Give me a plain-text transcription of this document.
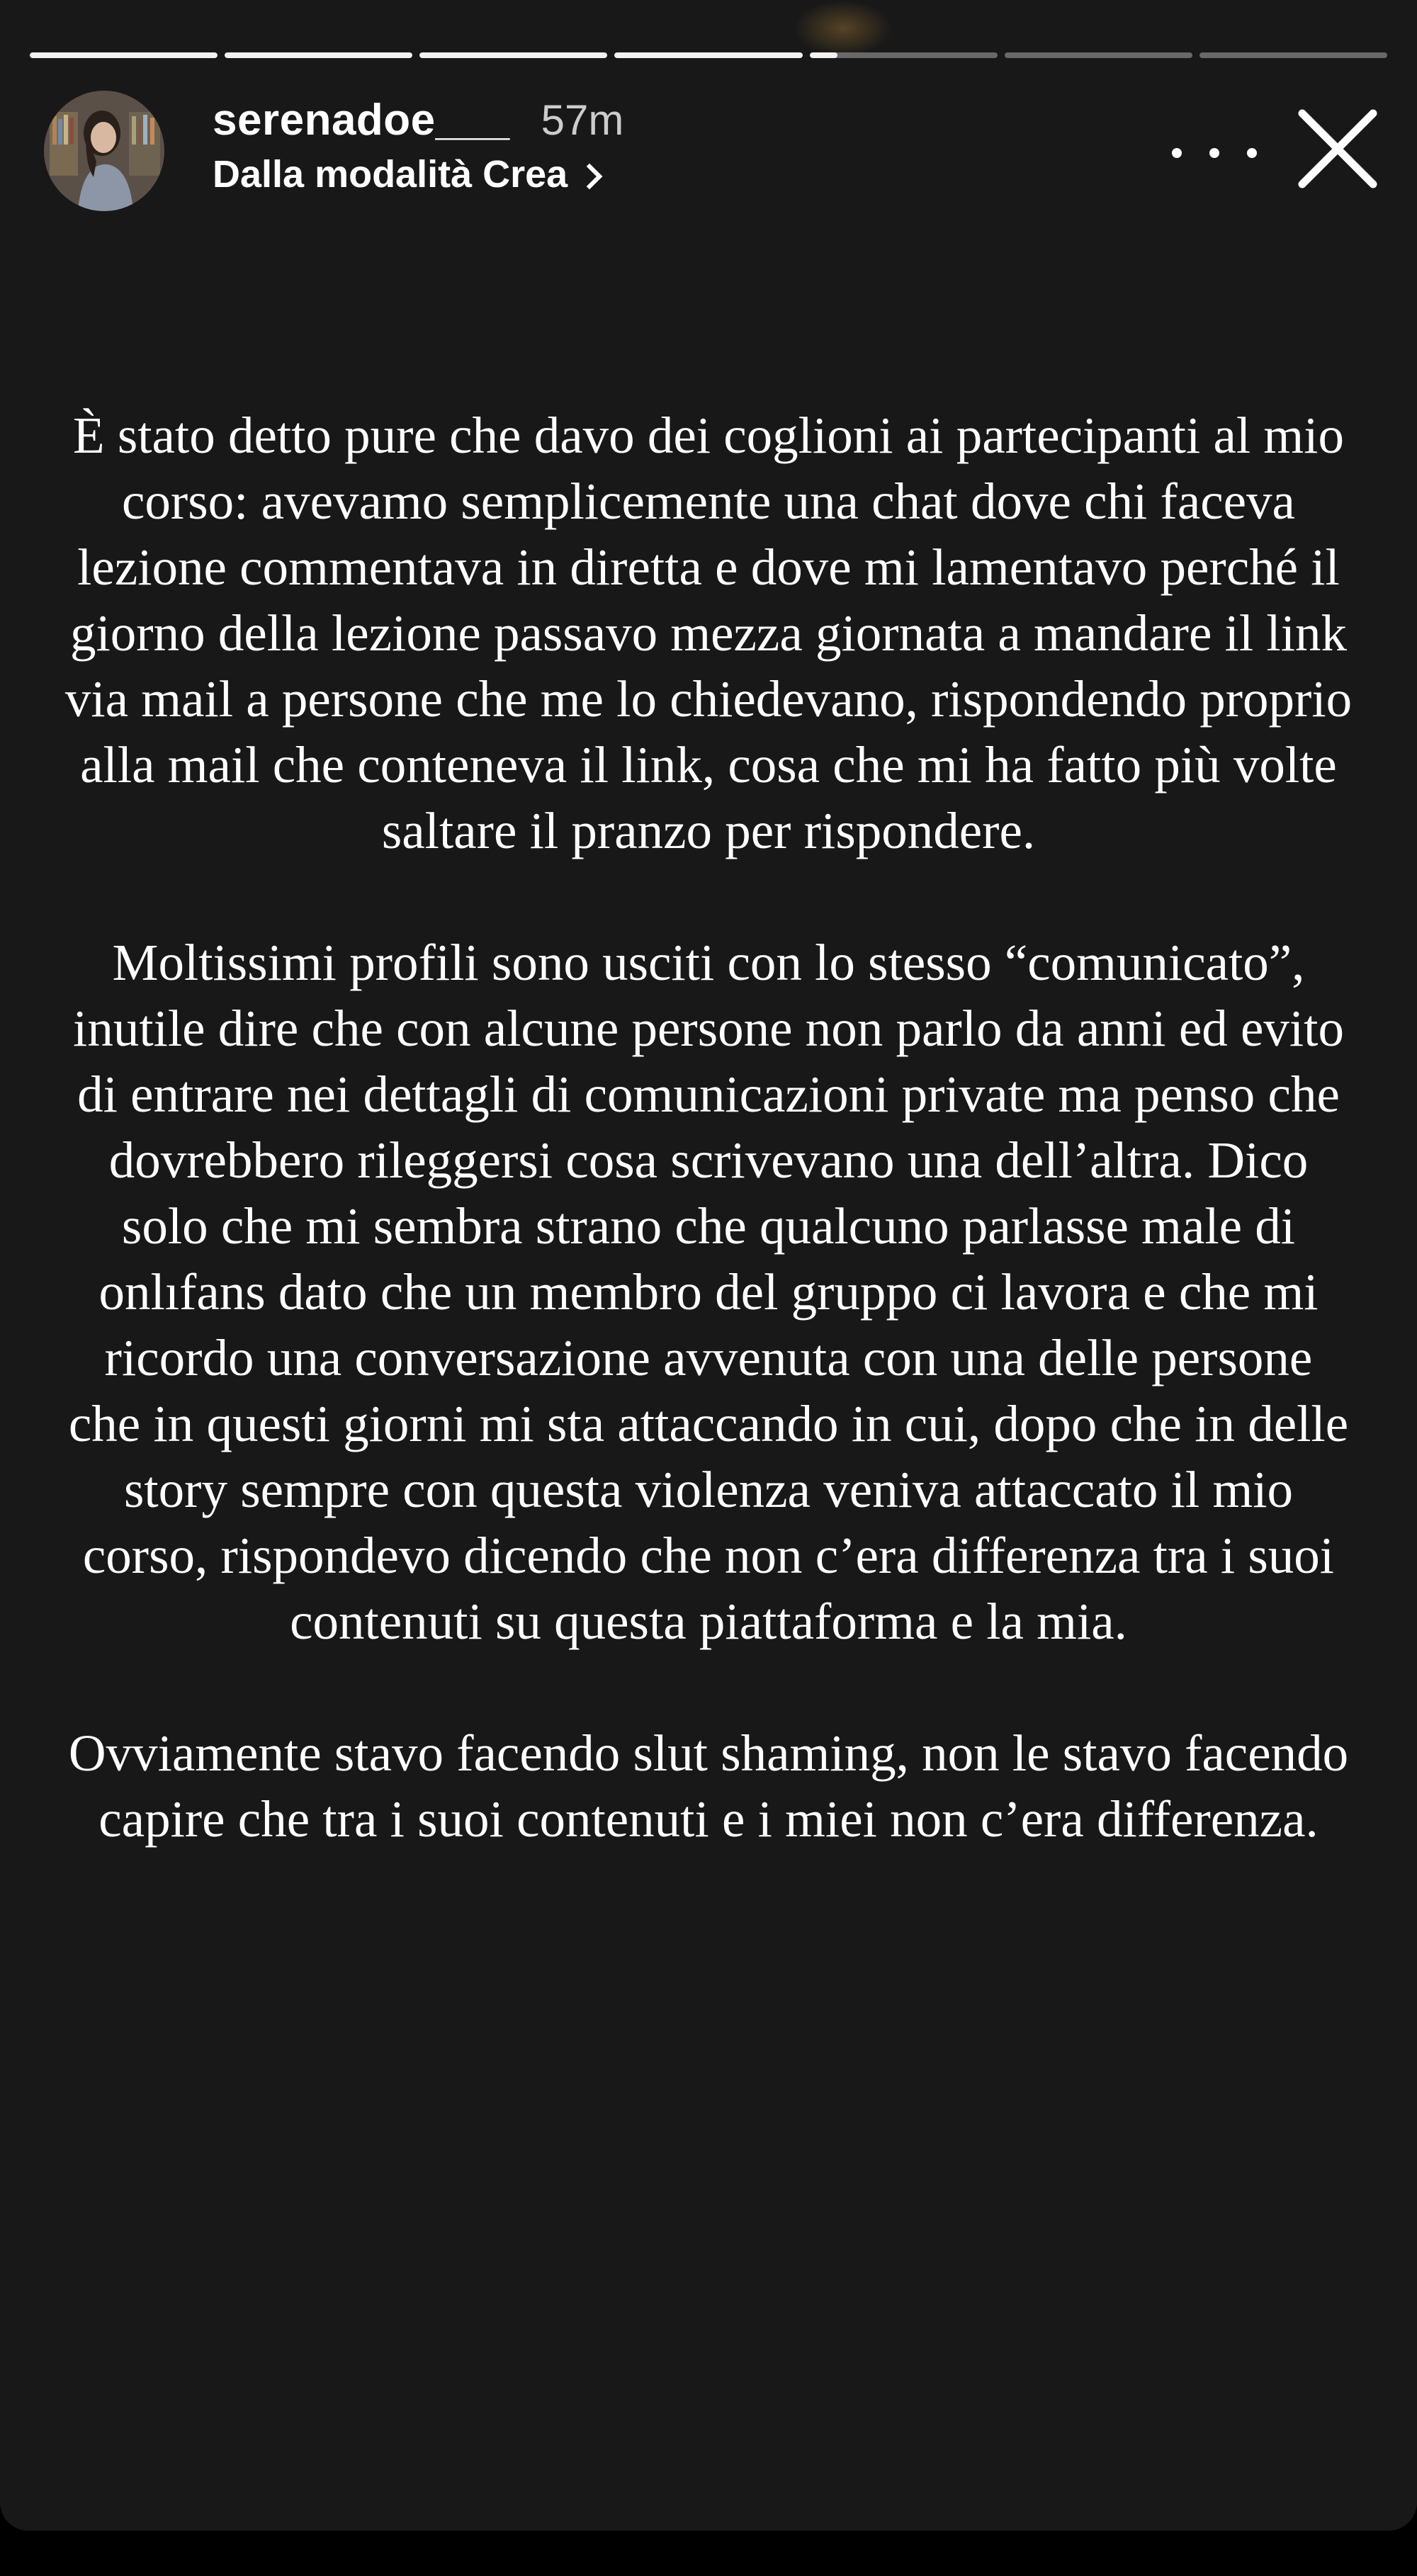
serenadoe___ 57m
Dalla modalità Crea

È stato detto pure che davo dei coglioni ai partecipanti al mio corso: avevamo semplicemente una chat dove chi faceva lezione commentava in diretta e dove mi lamentavo perché il giorno della lezione passavo mezza giornata a mandare il link via mail a persone che me lo chiedevano, rispondendo proprio alla mail che conteneva il link, cosa che mi ha fatto più volte saltare il pranzo per rispondere.

Moltissimi profili sono usciti con lo stesso “comunicato”, inutile dire che con alcune persone non parlo da anni ed evito di entrare nei dettagli di comunicazioni private ma penso che dovrebbero rileggersi cosa scrivevano una dell’altra. Dico solo che mi sembra strano che qualcuno parlasse male di onlıfans dato che un membro del gruppo ci lavora e che mi ricordo una conversazione avvenuta con una delle persone che in questi giorni mi sta attaccando in cui, dopo che in delle story sempre con questa violenza veniva attaccato il mio corso, rispondevo dicendo che non c’era differenza tra i suoi contenuti su questa piattaforma e la mia.

Ovviamente stavo facendo slut shaming, non le stavo facendo capire che tra i suoi contenuti e i miei non c’era differenza.
